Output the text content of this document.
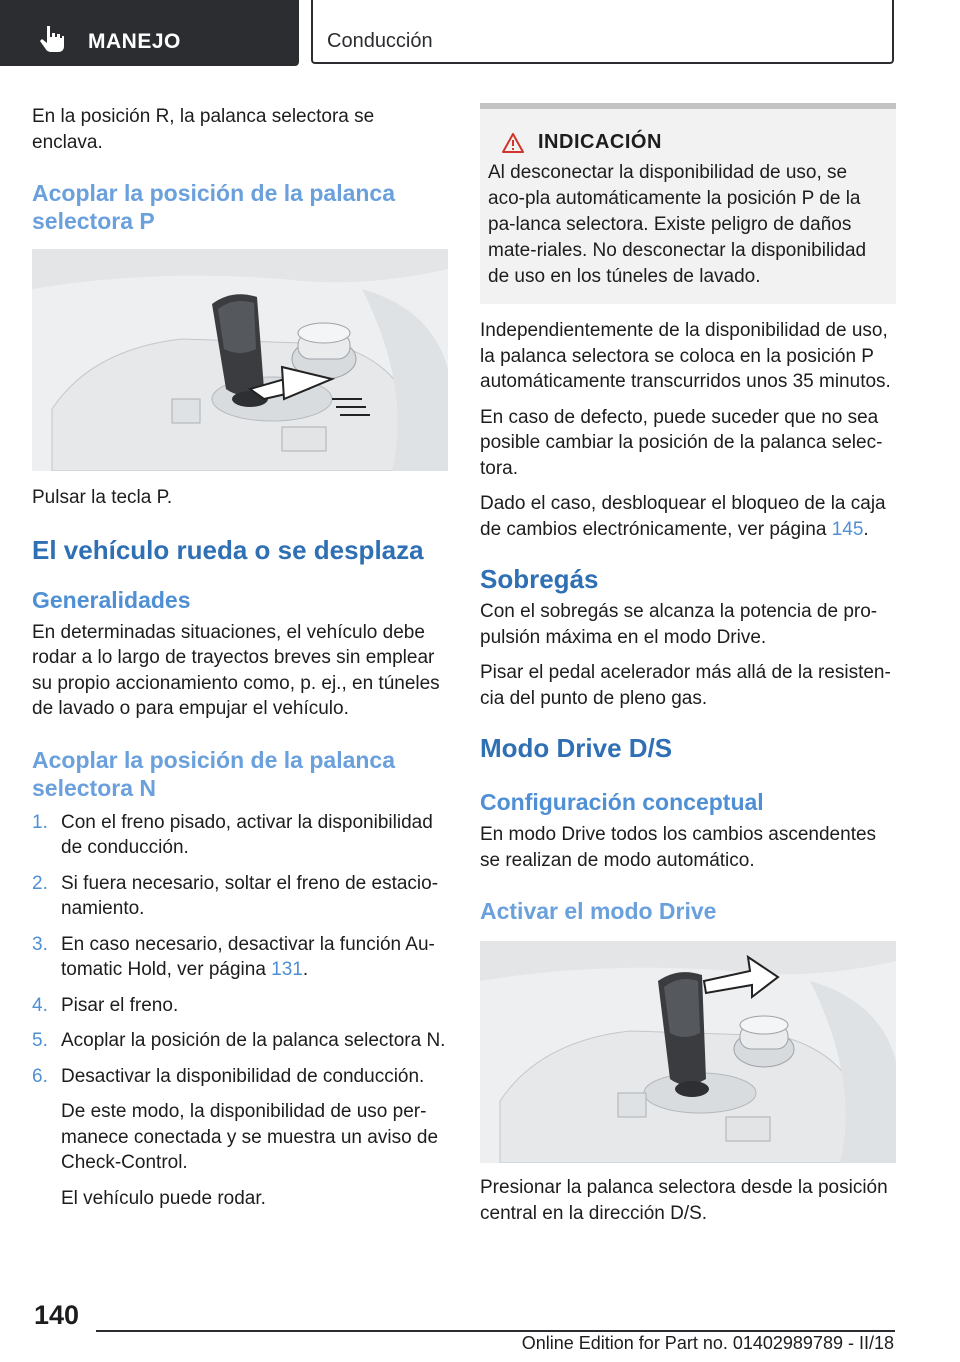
MANEJO	Conducción

En la posición R, la palanca selectora se enclava.

Acoplar la posición de la palanca selectora P

Pulsar la tecla P.

El vehículo rueda o se desplaza
Generalidades

En determinadas situaciones, el vehículo debe rodar a lo largo de trayectos breves sin emplear su propio accionamiento como, p. ej., en túneles de lavado o para empujar el vehículo.

Acoplar la posición de la palanca selectora N
1. Con el freno pisado, activar la disponibilidad de conducción.
2. Si fuera necesario, soltar el freno de estacio-namiento.
3. En caso necesario, desactivar la función Au-tomatic Hold, ver página 131.
4. Pisar el freno.
5. Acoplar la posición de la palanca selectora N.
6. Desactivar la disponibilidad de conducción.

De este modo, la disponibilidad de uso per-manece conectada y se muestra un aviso de Check-Control.

El vehículo puede rodar.

INDICACIÓN

Al desconectar la disponibilidad de uso, se aco-pla automáticamente la posición P de la pa-lanca selectora. Existe peligro de daños mate-riales. No desconectar la disponibilidad de uso en los túneles de lavado.

Independientemente de la disponibilidad de uso, la palanca selectora se coloca en la posición P automáticamente transcurridos unos 35 minutos.

En caso de defecto, puede suceder que no sea posible cambiar la posición de la palanca selec-tora.

Dado el caso, desbloquear el bloqueo de la caja de cambios electrónicamente, ver página 145.

Sobregás

Con el sobregás se alcanza la potencia de pro-pulsión máxima en el modo Drive.

Pisar el pedal acelerador más allá de la resisten-cia del punto de pleno gas.

Modo Drive D/S
Configuración conceptual

En modo Drive todos los cambios ascendentes se realizan de modo automático.

Activar el modo Drive

Presionar la palanca selectora desde la posición central en la dirección D/S.

140
Online Edition for Part no. 01402989789 - II/18
